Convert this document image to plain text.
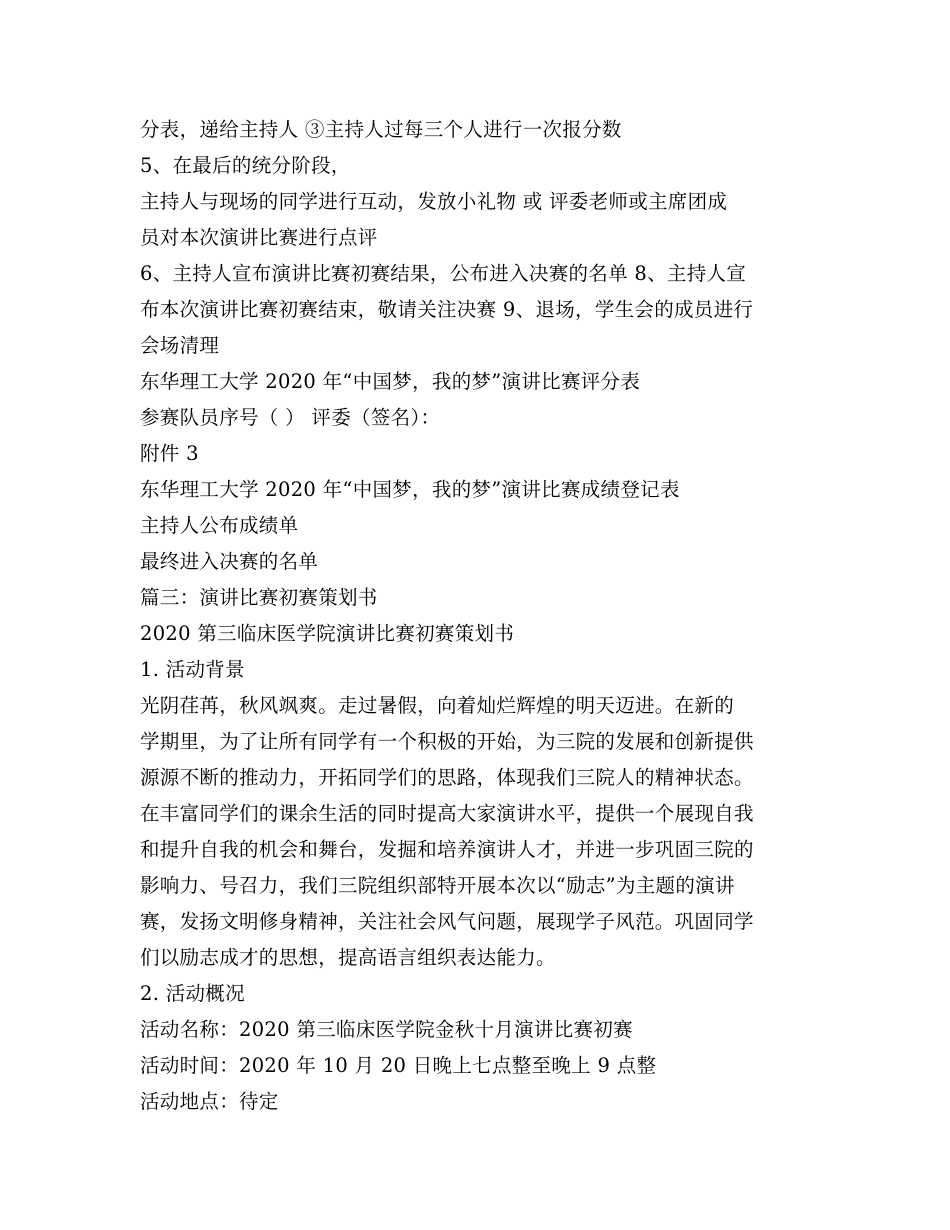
分表，递给主持人 ③主持人过每三个人进行一次报分数

5、在最后的统分阶段，

主持人与现场的同学进行互动，发放小礼物 或 评委老师或主席团成

员对本次演讲比赛进行点评

6、主持人宣布演讲比赛初赛结果，公布进入决赛的名单 8、主持人宣

布本次演讲比赛初赛结束，敬请关注决赛 9、退场，学生会的成员进行

会场清理

东华理工大学 2020 年“中国梦，我的梦”演讲比赛评分表

参赛队员序号（ ） 评委（签名）：

附件 3

东华理工大学 2020 年“中国梦，我的梦”演讲比赛成绩登记表

主持人公布成绩单

最终进入决赛的名单

篇三：演讲比赛初赛策划书

2020 第三临床医学院演讲比赛初赛策划书

1. 活动背景

光阴荏苒，秋风飒爽。走过暑假，向着灿烂辉煌的明天迈进。在新的

学期里，为了让所有同学有一个积极的开始，为三院的发展和创新提供

源源不断的推动力，开拓同学们的思路，体现我们三院人的精神状态。

在丰富同学们的课余生活的同时提高大家演讲水平，提供一个展现自我

和提升自我的机会和舞台，发掘和培养演讲人才，并进一步巩固三院的

影响力、号召力，我们三院组织部特开展本次以“励志”为主题的演讲

赛，发扬文明修身精神，关注社会风气问题，展现学子风范。巩固同学

们以励志成才的思想，提高语言组织表达能力。

2. 活动概况

活动名称：2020 第三临床医学院金秋十月演讲比赛初赛

活动时间：2020 年 10 月 20 日晚上七点整至晚上 9 点整

活动地点：待定
